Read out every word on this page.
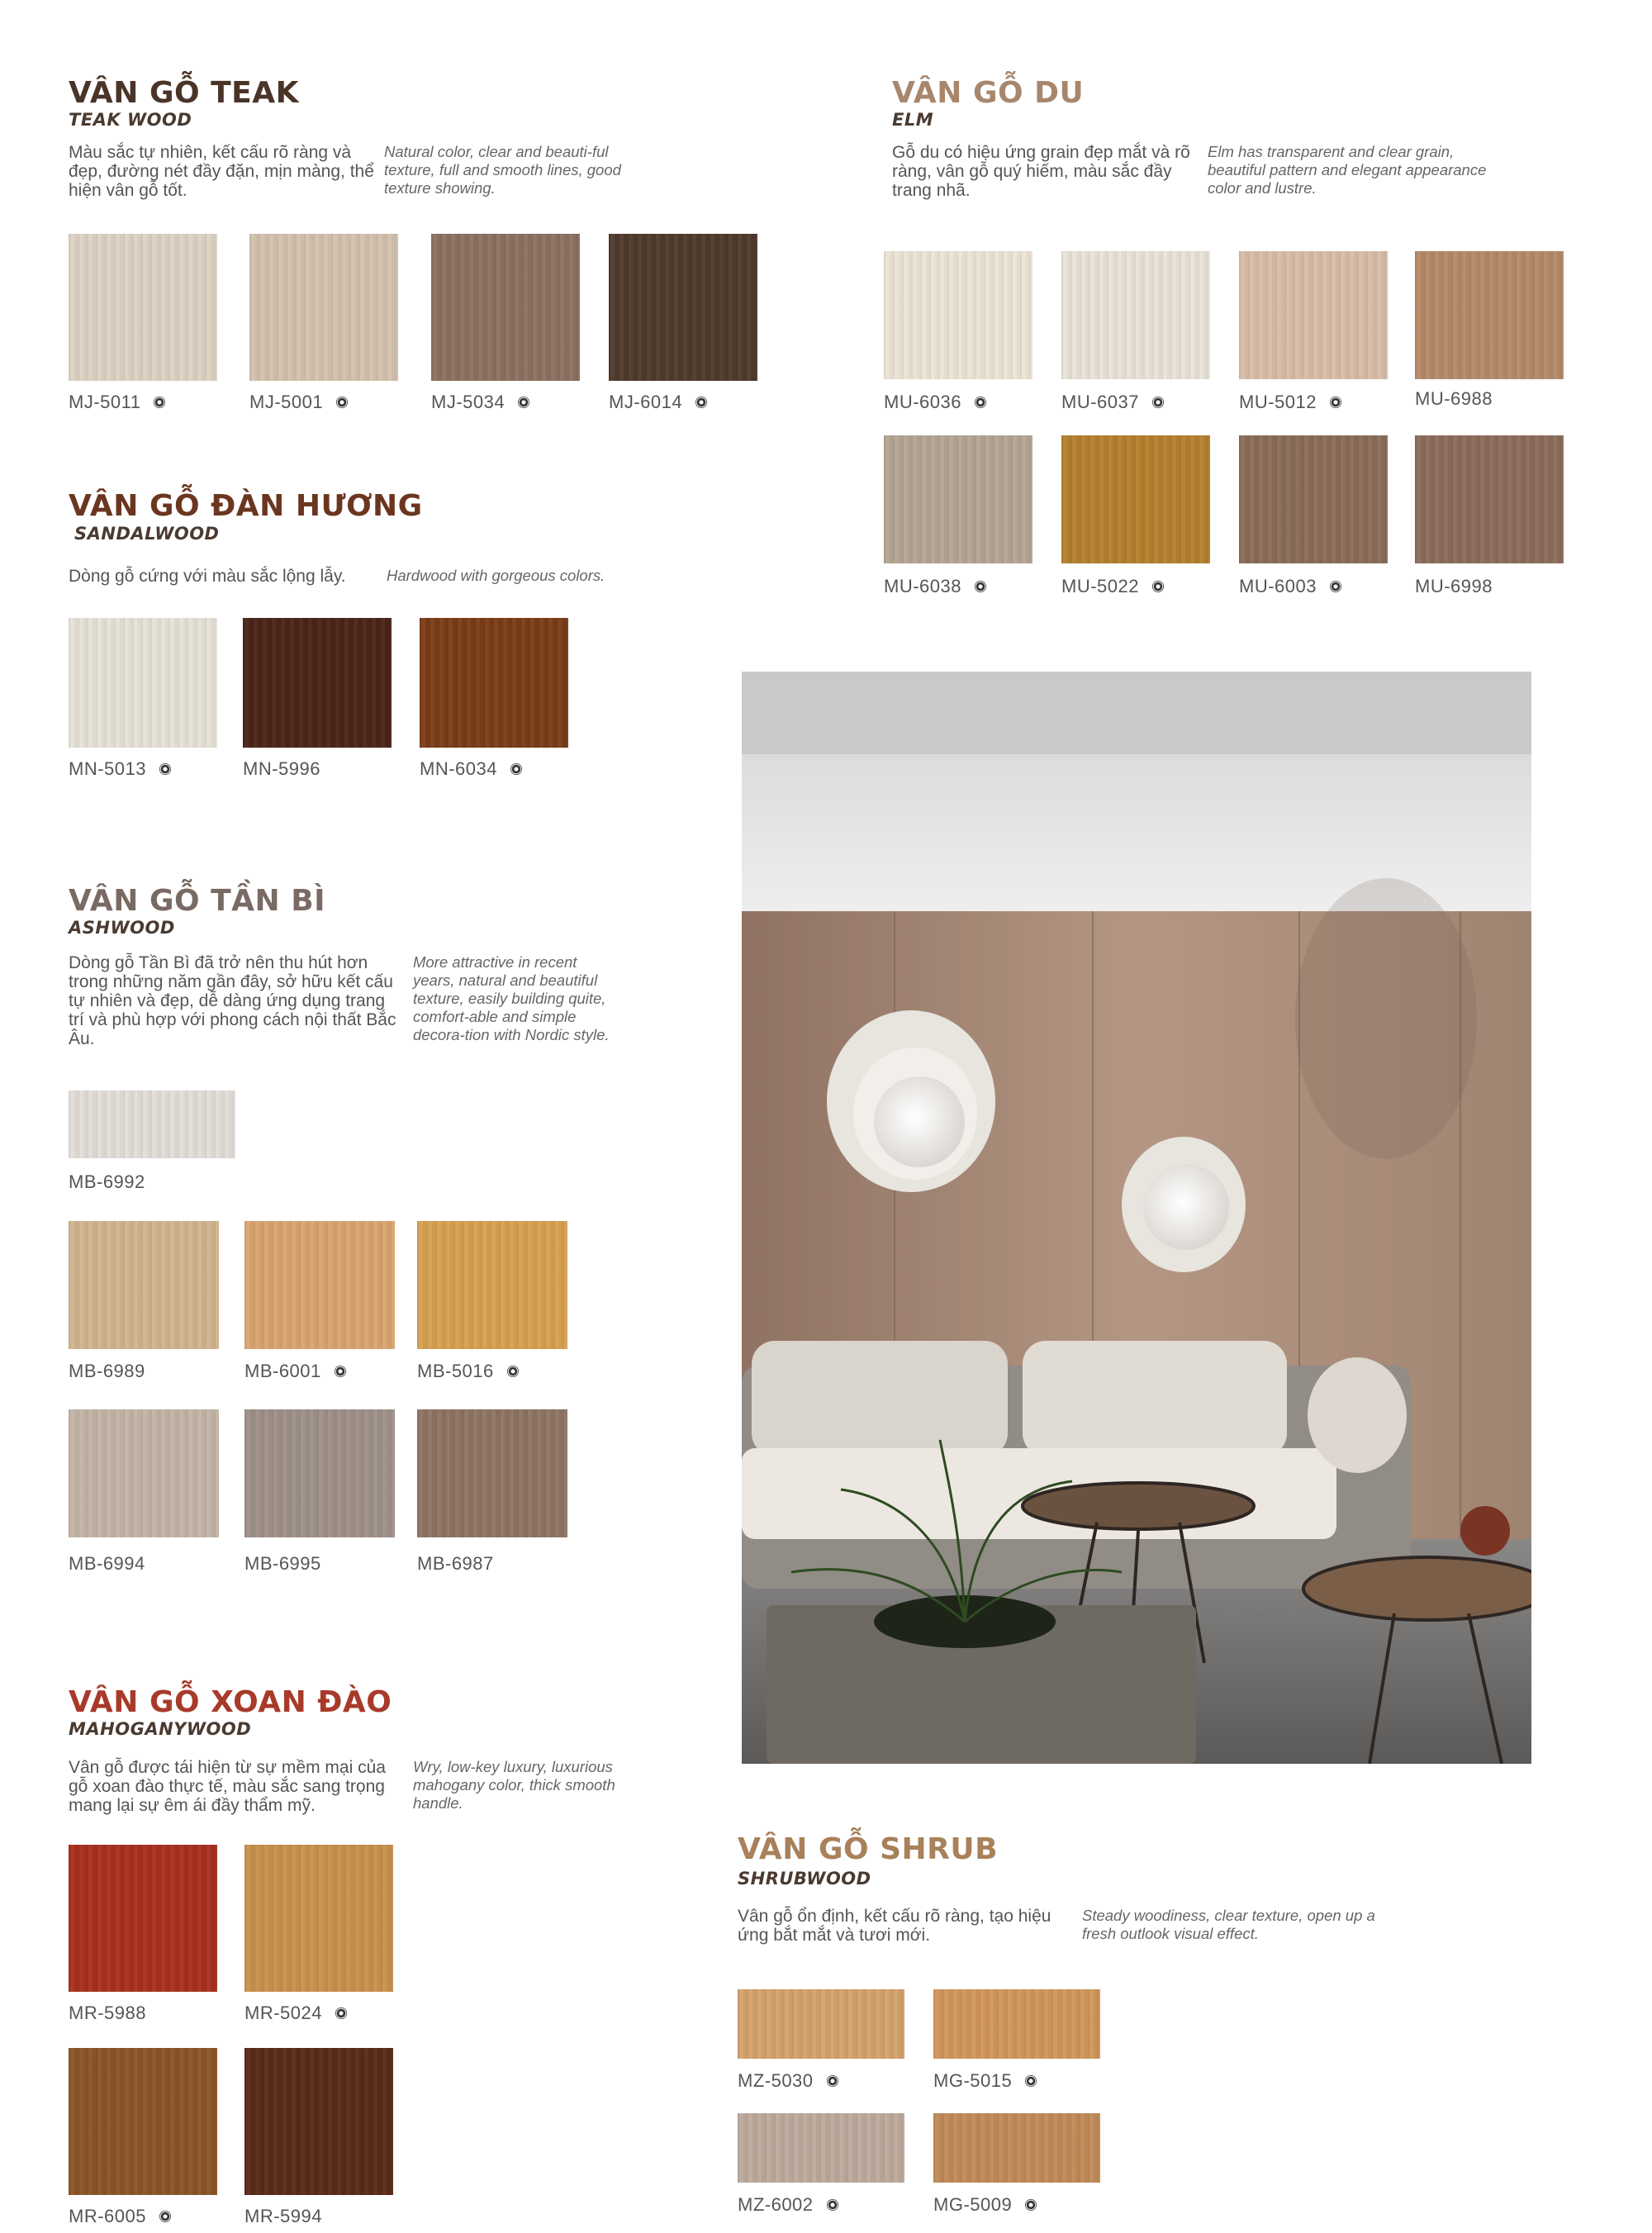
VÂN GỖ TEAK
TEAK WOOD
Màu sắc tự nhiên, kết cấu rõ ràng và đẹp, đường nét đầy đặn, mịn màng, thể hiện vân gỗ tốt.
Natural color, clear and beauti-ful texture, full and smooth lines, good texture showing.
MJ-5011	MJ-5001	MJ-5034	MJ-6014
VÂN GỖ ĐÀN HƯƠNG
SANDALWOOD
Dòng gỗ cứng với màu sắc lộng lẫy.	Hardwood with gorgeous colors.
MN-5013	MN-5996	MN-6034
VÂN GỖ TẦN BÌ
ASHWOOD
Dòng gỗ Tần Bì đã trở nên thu hút hơn trong những năm gần đây, sở hữu kết cấu tự nhiên và đẹp, dễ dàng ứng dụng trang trí và phù hợp với phong cách nội thất Bắc Âu.
More attractive in recent years, natural and beautiful texture, easily building quite, comfort-able and simple decora-tion with Nordic style.
MB-6992
MB-6989	MB-6001	MB-5016
MB-6994	MB-6995	MB-6987
VÂN GỖ XOAN ĐÀO
MAHOGANYWOOD
Vân gỗ được tái hiện từ sự mềm mại của gỗ xoan đào thực tế, màu sắc sang trọng mang lại sự êm ái đầy thẩm mỹ.
Wry, low-key luxury, luxurious mahogany color, thick smooth handle.
MR-5988	MR-5024
MR-6005	MR-5994
VÂN GỖ DU
ELM
Gỗ du có hiệu ứng grain đẹp mắt và rõ ràng, vân gỗ quý hiếm, màu sắc đầy trang nhã.
Elm has transparent and clear grain, beautiful pattern and elegant appearance color and lustre.
MU-6036	MU-6037	MU-5012	MU-6988
MU-6038	MU-5022	MU-6003	MU-6998
VÂN GỖ SHRUB
SHRUBWOOD
Vân gỗ ổn định, kết cấu rõ ràng, tạo hiệu ứng bắt mắt và tươi mới.
Steady woodiness, clear texture, open up a fresh outlook visual effect.
MZ-5030	MG-5015
MZ-6002	MG-5009
